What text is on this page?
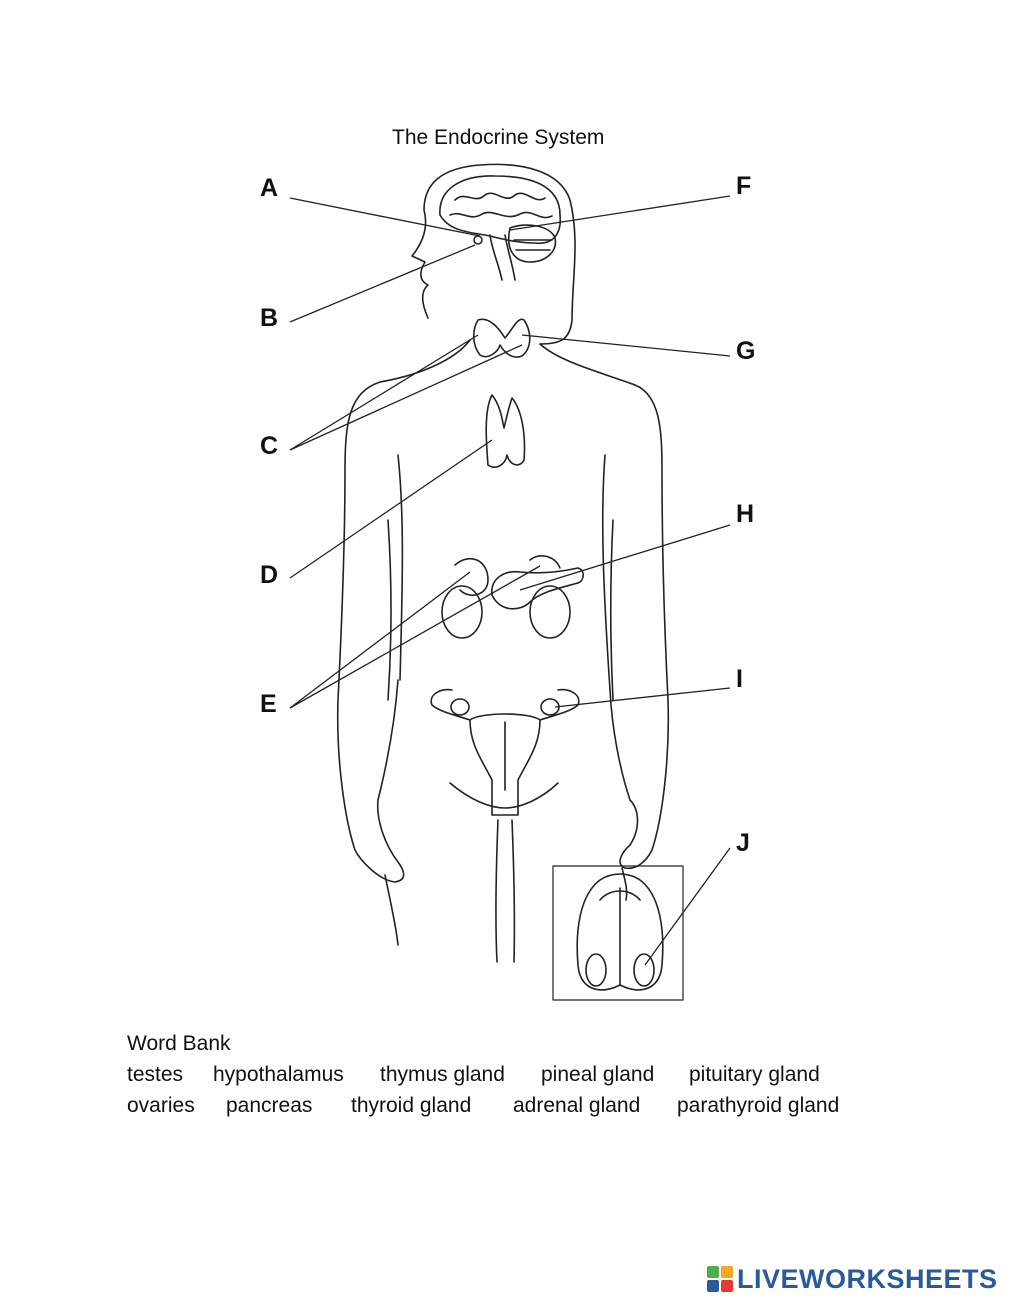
The Endocrine System
A
B
C
D
E
F
G
H
I
J
Word Bank
testes hypothalamus thymus gland pineal gland pituitary gland
ovaries pancreas thyroid gland adrenal gland parathyroid gland
LIVEWORKSHEETS
